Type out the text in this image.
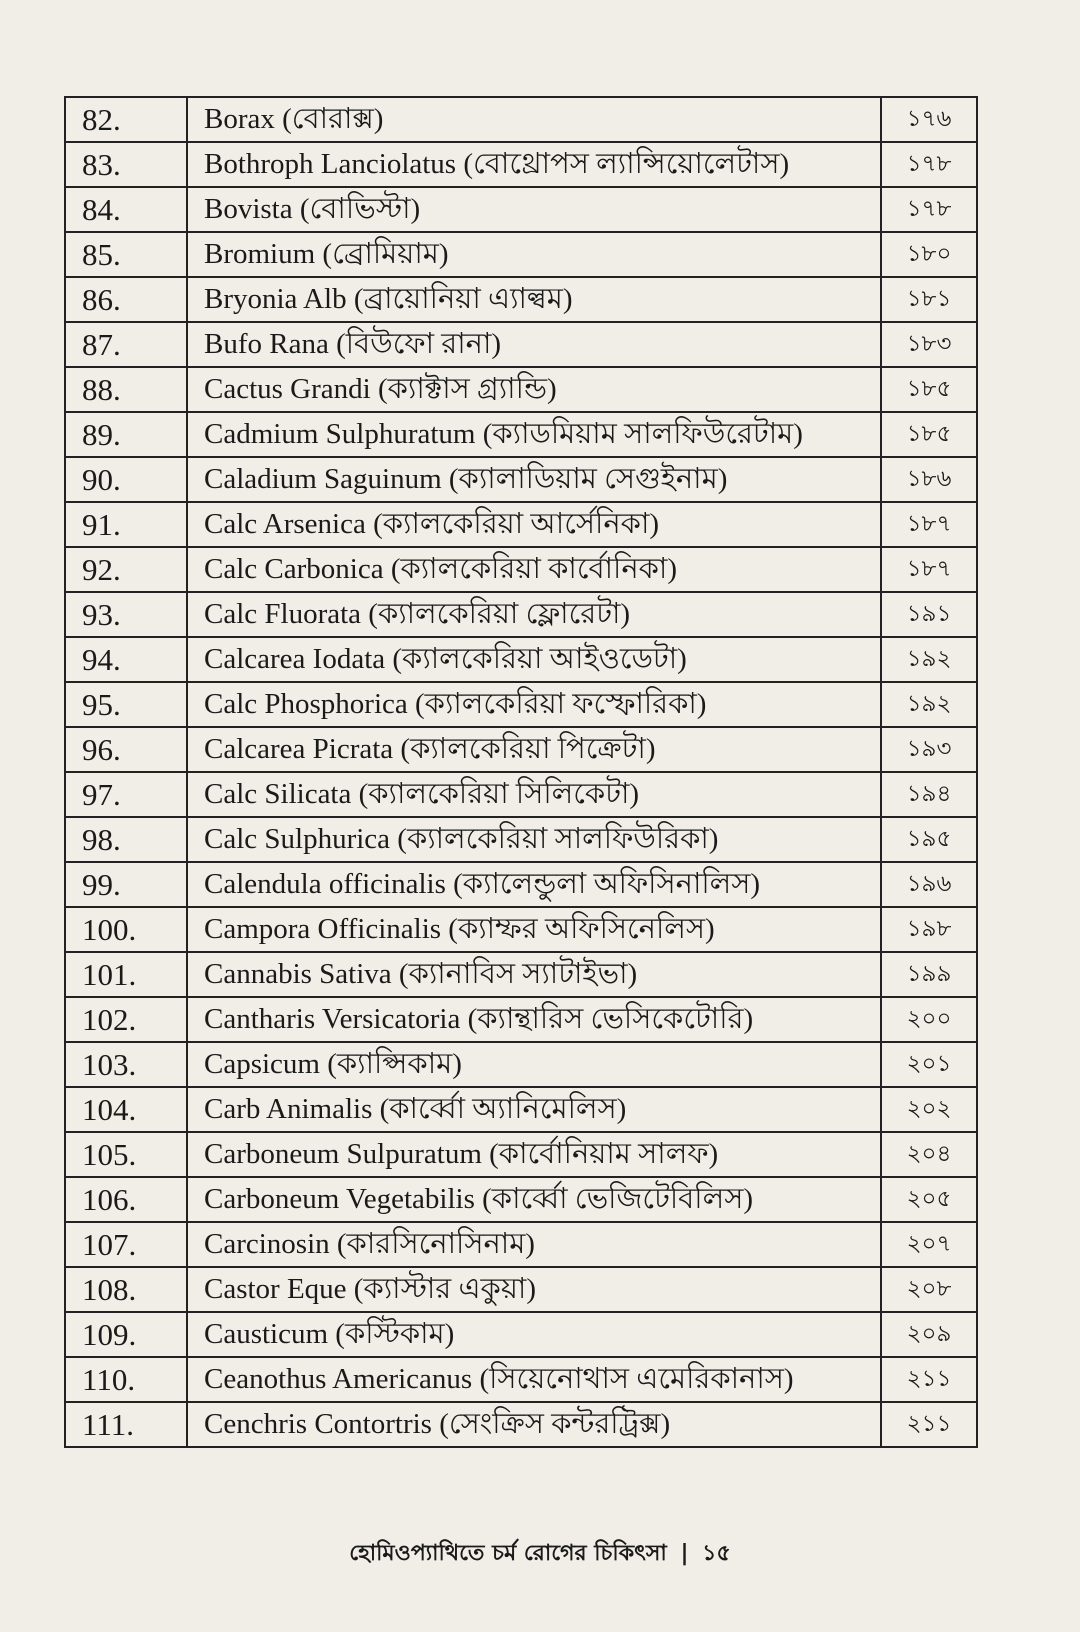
82.	Borax (বোরাক্স)	১৭৬
83.	Bothroph Lanciolatus (বোথ্রোপস ল্যান্সিয়োলেটাস)	১৭৮
84.	Bovista (বোভিস্টা)	১৭৮
85.	Bromium (ব্রোমিয়াম)	১৮০
86.	Bryonia Alb (ব্রায়োনিয়া এ্যাল্বম)	১৮১
87.	Bufo Rana (বিউফো রানা)	১৮৩
88.	Cactus Grandi (ক্যাক্টাস গ্র্যান্ডি)	১৮৫
89.	Cadmium Sulphuratum (ক্যাডমিয়াম সালফিউরেটাম)	১৮৫
90.	Caladium Saguinum (ক্যালাডিয়াম সেগুইনাম)	১৮৬
91.	Calc Arsenica (ক্যালকেরিয়া আর্সেনিকা)	১৮৭
92.	Calc Carbonica (ক্যালকেরিয়া কার্বোনিকা)	১৮৭
93.	Calc Fluorata (ক্যালকেরিয়া ফ্লোরেটা)	১৯১
94.	Calcarea Iodata (ক্যালকেরিয়া আইওডেটা)	১৯২
95.	Calc Phosphorica (ক্যালকেরিয়া ফস্ফোরিকা)	১৯২
96.	Calcarea Picrata (ক্যালকেরিয়া পিক্রেটা)	১৯৩
97.	Calc Silicata (ক্যালকেরিয়া সিলিকেটা)	১৯৪
98.	Calc Sulphurica (ক্যালকেরিয়া সালফিউরিকা)	১৯৫
99.	Calendula officinalis (ক্যালেন্ডুলা অফিসিনালিস)	১৯৬
100.	Campora Officinalis (ক্যাম্ফর অফিসিনেলিস)	১৯৮
101.	Cannabis Sativa (ক্যানাবিস স্যাটাইভা)	১৯৯
102.	Cantharis Versicatoria (ক্যান্থারিস ভেসিকেটোরি)	২০০
103.	Capsicum (ক্যাপ্সিকাম)	২০১
104.	Carb Animalis (কার্ব্বো অ্যানিমেলিস)	২০২
105.	Carboneum Sulpuratum (কার্বোনিয়াম সালফ)	২০৪
106.	Carboneum Vegetabilis (কার্ব্বো ভেজিটেবিলিস)	২০৫
107.	Carcinosin (কারসিনোসিনাম)	২০৭
108.	Castor Eque (ক্যাস্টার একুয়া)	২০৮
109.	Causticum (কস্টিকাম)	২০৯
110.	Ceanothus Americanus (সিয়েনোথাস এমেরিকানাস)	২১১
111.	Cenchris Contortris (সেংক্রিস কন্টরট্রিক্স)	২১১
হোমিওপ্যাথিতে চর্ম রোগের চিকিৎসা | ১৫
